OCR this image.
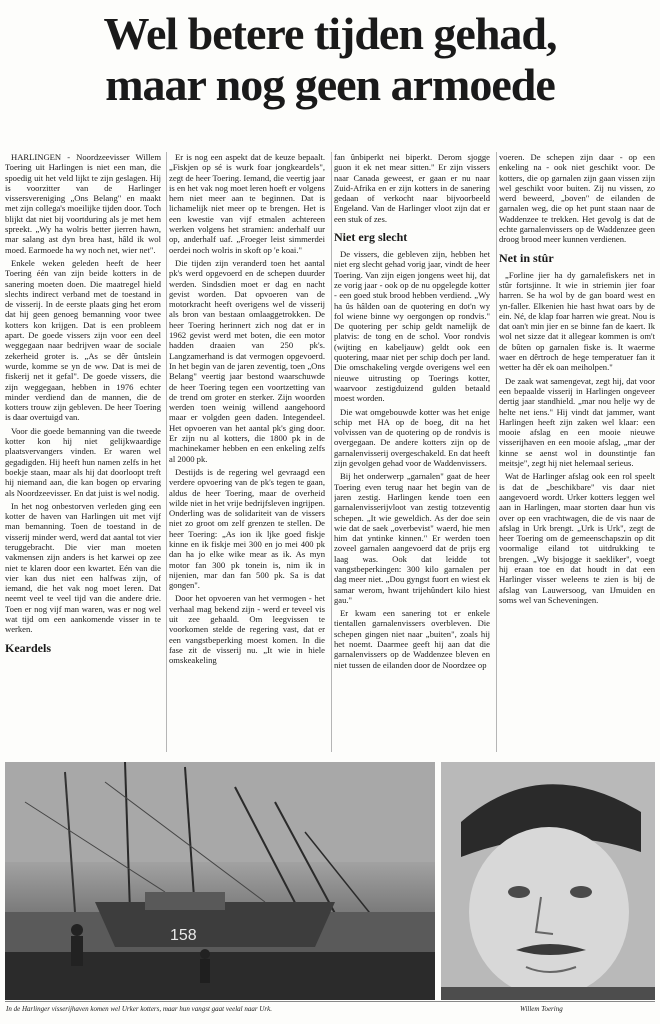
Wel betere tijden gehad,
maar nog geen armoede

HARLINGEN - Noordzeevisser Willem Toering uit Harlingen is niet een man, die spoedig uit het veld lijkt te zijn geslagen. Hij is voorzitter van de Harlinger vissersvereniging „Ons Belang" en maakt met zijn collega's moeilijke tijden door. Toch blijkt dat niet bij voortduring als je met hem spreekt. „Wy ha wolris better jierren hawn, mar salang ast dyn brea hast, hâld ik wol moed. Earmoede ha wy noch net, wier net".

Enkele weken geleden heeft de heer Toering één van zijn beide kotters in de sanering moeten doen. Die maatregel hield slechts indirect verband met de toestand in de visserij. In de eerste plaats ging het erom dat hij geen genoeg bemanning voor twee kotters kon krijgen. Dat is een probleem apart. De goede vissers zijn voor een deel weggegaan naar bedrijven waar de sociale zekerheid groter is. „As se dêr ûntslein wurde, komme se yn de ww. Dat is mei de fiskerij net it gefal". De goede vissers, die zijn weggegaan, hebben in 1976 echter minder verdiend dan de mannen, die de kotters trouw zijn gebleven. De heer Toering is daar overtuigd van.

Voor die goede bemanning van die tweede kotter kon hij niet gelijkwaardige plaatsvervangers vinden. Er waren wel gegadigden. Hij heeft hun namen zelfs in het boekje staan, maar als hij dat doorloopt treft hij niemand aan, die kan bogen op ervaring als Noordzeevisser. En dat juist is wel nodig.

In het nog onbestorven verleden ging een kotter de haven van Harlingen uit met vijf man bemanning. Toen de toestand in de visserij minder werd, werd dat aantal tot vier teruggebracht. Die vier man moeten vakmensen zijn anders is het karwei op zee niet te klaren door een kwartet. Eén van die vier kan dus niet een halfwas zijn, of iemand, die het vak nog moet leren. Dat neemt veel te veel tijd van die andere drie. Toen er nog vijf man waren, was er nog wel wat tijd om een aankomende visser in te werken.

Keardels

Er is nog een aspekt dat de keuze bepaalt. „Fiskjen op sé is wurk foar jongkeardels", zegt de heer Toering. Iemand, die veertig jaar is en het vak nog moet leren hoeft er volgens hem niet meer aan te beginnen. Dat is lichamelijk niet meer op te brengen. Het is een kwestie van vijf etmalen achtereen werken volgens het stramien: anderhalf uur op, anderhalf uaf. „Froeger leist simmerdei oerdei noch wolris in skoft op 'e koai."

Die tijden zijn veranderd toen het aantal pk's werd opgevoerd en de schepen duurder werden. Sindsdien moet er dag en nacht gevist worden. Dat opvoeren van de motorkracht heeft overigens wel de visserij als bron van bestaan omlaaggetrokken. De heer Toering herinnert zich nog dat er in 1962 gevist werd met boten, die een motor hadden draaien van 250 pk's. Langzamerhand is dat vermogen opgevoerd. In het begin van de jaren zeventig, toen „Ons Belang" veertig jaar bestond waarschuwde de heer Toering tegen een voortzetting van de trend om groter en sterker. Zijn woorden werden toen weinig willend aangehoord maar er volgden geen daden. Integendeel. Het opvoeren van het aantal pk's ging door. Er zijn nu al kotters, die 1800 pk in de machinekamer hebben en een enkeling zelfs al 2000 pk.

Destijds is de regering wel gevraagd een verdere opvoering van de pk's tegen te gaan, aldus de heer Toering, maar de overheid wilde niet in het vrije bedrijfsleven ingrijpen. Onderling was de solidariteit van de vissers niet zo groot om zelf grenzen te stellen. De heer Toering: „As ion ik ljke goed fiskje kinne en ik fiskje mei 300 en jo mei 400 pk dan ha jo elke wike mear as ik. As myn motor fan 300 pk tonein is, nim ik in nijenien, mar dan fan 500 pk. Sa is dat gongen".

Door het opvoeren van het vermogen - het verhaal mag bekend zijn - werd er teveel vis uit zee gehaald. Om leegvissen te voorkomen stelde de regering vast, dat er een vangstbeperking moest komen. In die fase zit de visserij nu. „It wie in hiele omskeakeling

fan ûnbiperkt nei biperkt. Derom sjogge guon it ek net mear sitten." Er zijn vissers naar Canada geweest, er gaan er nu naar Zuid-Afrika en er zijn kotters in de sanering gedaan of verkocht naar bijvoorbeeld Engeland. Van de Harlinger vloot zijn dat er een stuk of zes.

Niet erg slecht

De vissers, die gebleven zijn, hebben het niet erg slecht gehad vorig jaar, vindt de heer Toering. Van zijn eigen jongens weet hij, dat ze vorig jaar - ook op de nu opgelegde kotter - een goed stuk brood hebben verdiend. „Wy ha ûs hâlden oan de quotering en dot'n wy fol wiene binne wy oergongen op rondvis." De quotering per schip geldt namelijk de platvis: de tong en de schol. Voor rondvis (wijting en kabeljauw) geldt ook een quotering, maar niet per schip doch per land. Die omschakeling vergde overigens wel een nieuwe uitrusting op Toerings kotter, waarvoor zestigduizend gulden betaald moest worden.

Die wat omgebouwde kotter was het enige schip met HA op de boeg, dit na het volvissen van de quotering op de rondvis is overgegaan. De andere kotters zijn op de garnalenvisserij overgeschakeld. En dat heeft zijn gevolgen gehad voor de Waddenvissers.

Bij het onderwerp „garnalen" gaat de heer Toering even terug naar het begin van de jaren zestig. Harlingen kende toen een garnalenvisserijvloot van zestig totzeventig schepen. „It wie geweldich. As der doe sein wie dat de saek „overbevist" waerd, hie men him dat yntinke kinnen." Er werden toen zoveel garnalen aangevoerd dat de prijs erg laag was. Ook dat leidde tot vangstbeperkingen: 300 kilo garnalen per dag meer niet. „Dou gyngst fuort en wiest ek samar werom, hwant trijehûndert kilo hiest gau."

Er kwam een sanering tot er enkele tientallen garnalenvissers overbleven. Die schepen gingen niet naar „buiten", zoals hij het noemt. Daarmee geeft hij aan dat die garnalenvissers op de Waddenzee bleven en niet tussen de eilanden door de Noordzee op

voeren. De schepen zijn daar - op een enkeling na - ook niet geschikt voor. De kotters, die op garnalen zijn gaan vissen zijn wel geschikt voor buiten. Zij nu vissen, zo werd beweerd, „boven" de eilanden de garnalen weg, die op het punt staan naar de Waddenzee te trekken. Het gevolg is dat de echte garnalenvissers op de Waddenzee geen droog brood meer kunnen verdienen.

Net in stûr

„Forline jier ha dy garnalefiskers net in stûr fortsjinne. It wie in striemin jier foar harren. Se ha wol by de gan board west en yn-faller. Elkenien hie hast hwat oars by de ein. Né, de klap foar harren wie great. Nou is dat oan't min jier en se binne fan de kaert. Ik wol net sizze dat it allegear kommen is om't de bûten op garnalen fiske is. It waerme waer en dêrtroch de hege temperatuer fan it wetter ha dêr ek oan meiholpen."

De zaak wat samengevat, zegt hij, dat voor een bepaalde visserij in Harlingen ongeveer dertig jaar standhield. „mar nou helje wy de helte net iens." Hij vindt dat jammer, want Harlingen heeft zijn zaken wel klaar: een mooie afslag en een mooie nieuwe visserijhaven en een mooie afslag, „mar der kinne se aenst wol in dounstintje fan meitsje", zegt hij niet helemaal serieus.

Wat de Harlinger afslag ook een rol speelt is dat de „beschikbare" vis daar niet aangevoerd wordt. Urker kotters leggen wel aan in Harlingen, maar storten daar hun vis over op een vrachtwagen, die de vis naar de afslag in Urk brengt. „Urk is Urk", zegt de heer Toering om de gemeenschapszin op dit voormalige eiland tot uitdrukking te brengen. „Wy bisjogge it saekliker", voegt hij eraan toe en dat houdt in dat een Harlinger visser weleens te zien is bij de afslag van Lauwersoog, van IJmuiden en soms wel van Scheveningen.

158
In de Harlinger visserijhaven komen wel Urker kotters, maar hun vangst gaat veelal naar Urk.	Willem Toering
